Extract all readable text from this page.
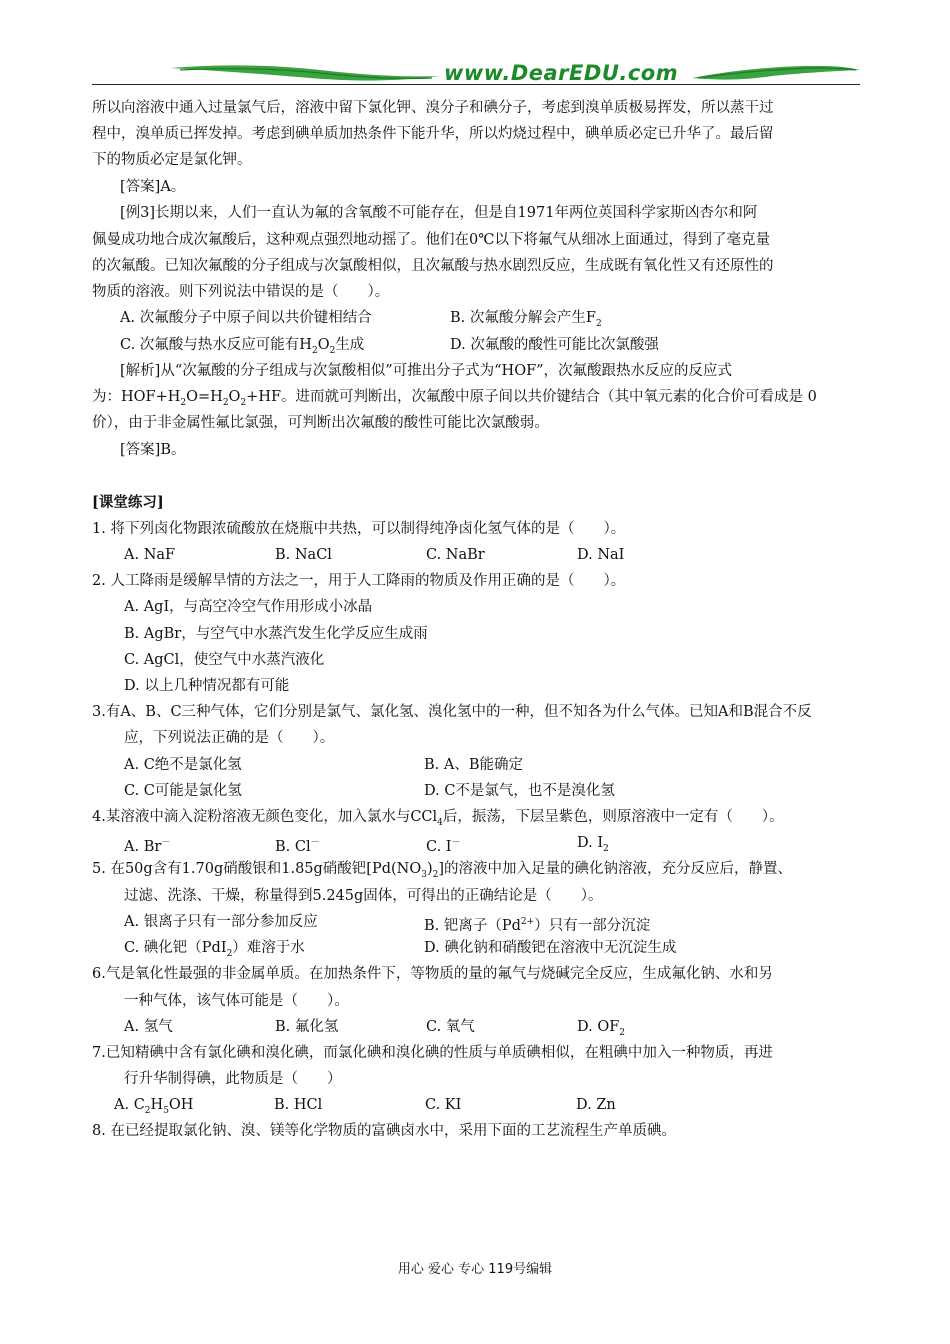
www.DearEDU.com
所以向溶液中通入过量氯气后，溶液中留下氯化钾、溴分子和碘分子，考虑到溴单质极易挥发，所以蒸干过
程中，溴单质已挥发掉。考虑到碘单质加热条件下能升华，所以灼烧过程中，碘单质必定已升华了。最后留
下的物质必定是氯化钾。
[答案]A。
[例3]长期以来，人们一直认为氟的含氧酸不可能存在，但是自1971年两位英国科学家斯凶杏尔和阿
佩曼成功地合成次氟酸后，这种观点强烈地动摇了。他们在0℃以下将氟气从细冰上面通过，得到了毫克量
的次氟酸。已知次氟酸的分子组成与次氯酸相似，且次氟酸与热水剧烈反应，生成既有氧化性又有还原性的
物质的溶液。则下列说法中错误的是（　　）。
A. 次氟酸分子中原子间以共价键相结合	B. 次氟酸分解会产生$F_2$
C. 次氟酸与热水反应可能有$H_2O_2$生成	D. 次氟酸的酸性可能比次氯酸强
[解析]从“次氟酸的分子组成与次氯酸相似”可推出分子式为“HOF”，次氟酸跟热水反应的反应式
为：$HOF+H_2O=H_2O_2+HF$。进而就可判断出，次氟酸中原子间以共价键结合（其中氧元素的化合价可看成是 0
价），由于非金属性氟比氯强，可判断出次氟酸的酸性可能比次氯酸弱。
[答案]B。
[课堂练习]
1. 将下列卤化物跟浓硫酸放在烧瓶中共热，可以制得纯净卤化氢气体的是（　　）。
A. NaF	B. NaCl	C. NaBr	D. NaI
2. 人工降雨是缓解旱情的方法之一，用于人工降雨的物质及作用正确的是（　　）。
A. AgI，与高空冷空气作用形成小冰晶
B. AgBr，与空气中水蒸汽发生化学反应生成雨
C. AgCl，使空气中水蒸汽液化
D. 以上几种情况都有可能
3.有A、B、C三种气体，它们分别是氯气、氯化氢、溴化氢中的一种，但不知各为什么气体。已知A和B混合不反
应，下列说法正确的是（　　）。
A. C绝不是氯化氢	B. A、B能确定
C. C可能是氯化氢	D. C不是氯气，也不是溴化氢
4.某溶液中滴入淀粉溶液无颜色变化，加入氯水与CCl$_4$后，振荡，下层呈紫色，则原溶液中一定有（　　）。
A. Br－	B. Cl－	C. I－	D. $I_2$
5. 在50g含有1.70g硝酸银和1.85g硝酸钯$[Pd(NO_3)_2]$的溶液中加入足量的碘化钠溶液，充分反应后，静置、
过滤、洗涤、干燥，称量得到5.245g固体，可得出的正确结论是（　　）。
A. 银离子只有一部分参加反应	B. 钯离子$(Pd^{2+})$只有一部分沉淀
C. 碘化钯（PdI$_2$）难溶于水	D. 碘化钠和硝酸钯在溶液中无沉淀生成
6.气是氧化性最强的非金属单质。在加热条件下，等物质的量的氟气与烧碱完全反应，生成氟化钠、水和另
一种气体，该气体可能是（　　）。
A. 氢气	B. 氟化氢	C. 氧气	D. $OF_2$
7.已知精碘中含有氯化碘和溴化碘，而氯化碘和溴化碘的性质与单质碘相似，在粗碘中加入一种物质，再进
行升华制得碘，此物质是（　　）
A. $C_2H_5OH$	B. HCl	C. KI	D. Zn
8. 在已经提取氯化钠、溴、镁等化学物质的富碘卤水中，采用下面的工艺流程生产单质碘。
用心 爱心 专心 119号编辑
